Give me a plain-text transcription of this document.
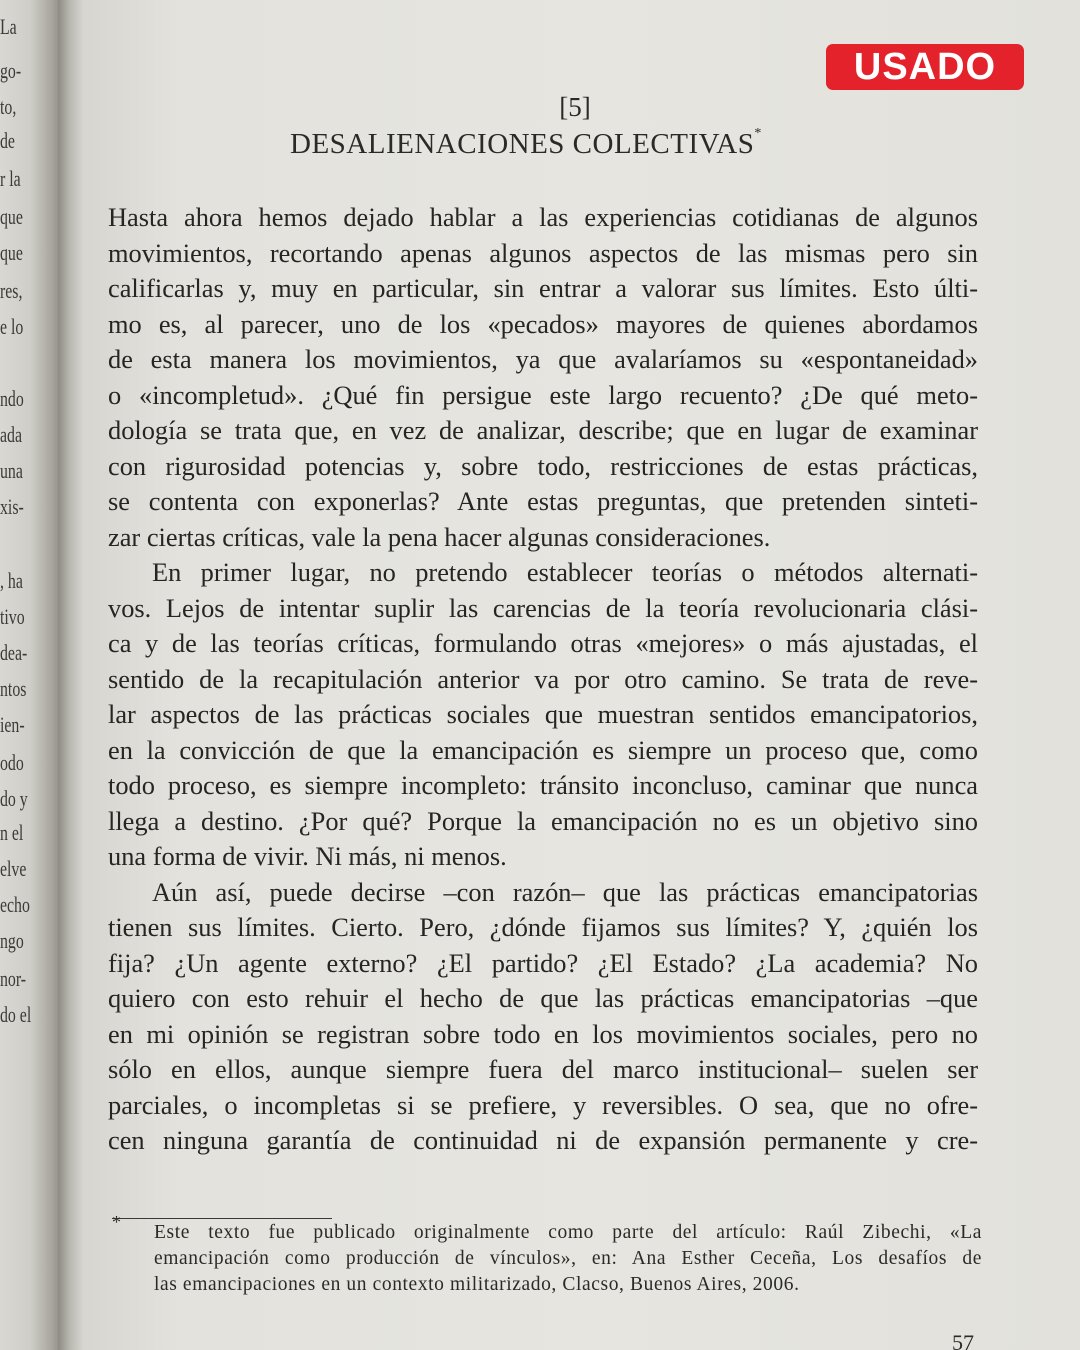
La
go-
to,
de
r la
que
que
res,
e lo
ndo
ada
una
xis-
, ha
tivo
dea-
ntos
ien-
odo
do y
n el
elve
echo
ngo
nor-
do el
USADO
[5]
DESALIENACIONES COLECTIVAS*
Hasta ahora hemos dejado hablar a las experiencias cotidianas de algunos
movimientos, recortando apenas algunos aspectos de las mismas pero sin
calificarlas y, muy en particular, sin entrar a valorar sus límites. Esto últi-
mo es, al parecer, uno de los «pecados» mayores de quienes abordamos
de esta manera los movimientos, ya que avalaríamos su «espontaneidad»
o «incompletud». ¿Qué fin persigue este largo recuento? ¿De qué meto-
dología se trata que, en vez de analizar, describe; que en lugar de examinar
con rigurosidad potencias y, sobre todo, restricciones de estas prácticas,
se contenta con exponerlas? Ante estas preguntas, que pretenden sinteti-
zar ciertas críticas, vale la pena hacer algunas consideraciones.
En primer lugar, no pretendo establecer teorías o métodos alternati-
vos. Lejos de intentar suplir las carencias de la teoría revolucionaria clási-
ca y de las teorías críticas, formulando otras «mejores» o más ajustadas, el
sentido de la recapitulación anterior va por otro camino. Se trata de reve-
lar aspectos de las prácticas sociales que muestran sentidos emancipatorios,
en la convicción de que la emancipación es siempre un proceso que, como
todo proceso, es siempre incompleto: tránsito inconcluso, caminar que nunca
llega a destino. ¿Por qué? Porque la emancipación no es un objetivo sino
una forma de vivir. Ni más, ni menos.
Aún así, puede decirse –con razón– que las prácticas emancipatorias
tienen sus límites. Cierto. Pero, ¿dónde fijamos sus límites? Y, ¿quién los
fija? ¿Un agente externo? ¿El partido? ¿El Estado? ¿La academia? No
quiero con esto rehuir el hecho de que las prácticas emancipatorias –que
en mi opinión se registran sobre todo en los movimientos sociales, pero no
sólo en ellos, aunque siempre fuera del marco institucional– suelen ser
parciales, o incompletas si se prefiere, y reversibles. O sea, que no ofre-
cen ninguna garantía de continuidad ni de expansión permanente y cre-
* Este texto fue publicado originalmente como parte del artículo: Raúl Zibechi, «La
emancipación como producción de vínculos», en: Ana Esther Ceceña, Los desafíos de
las emancipaciones en un contexto militarizado, Clacso, Buenos Aires, 2006.
57
